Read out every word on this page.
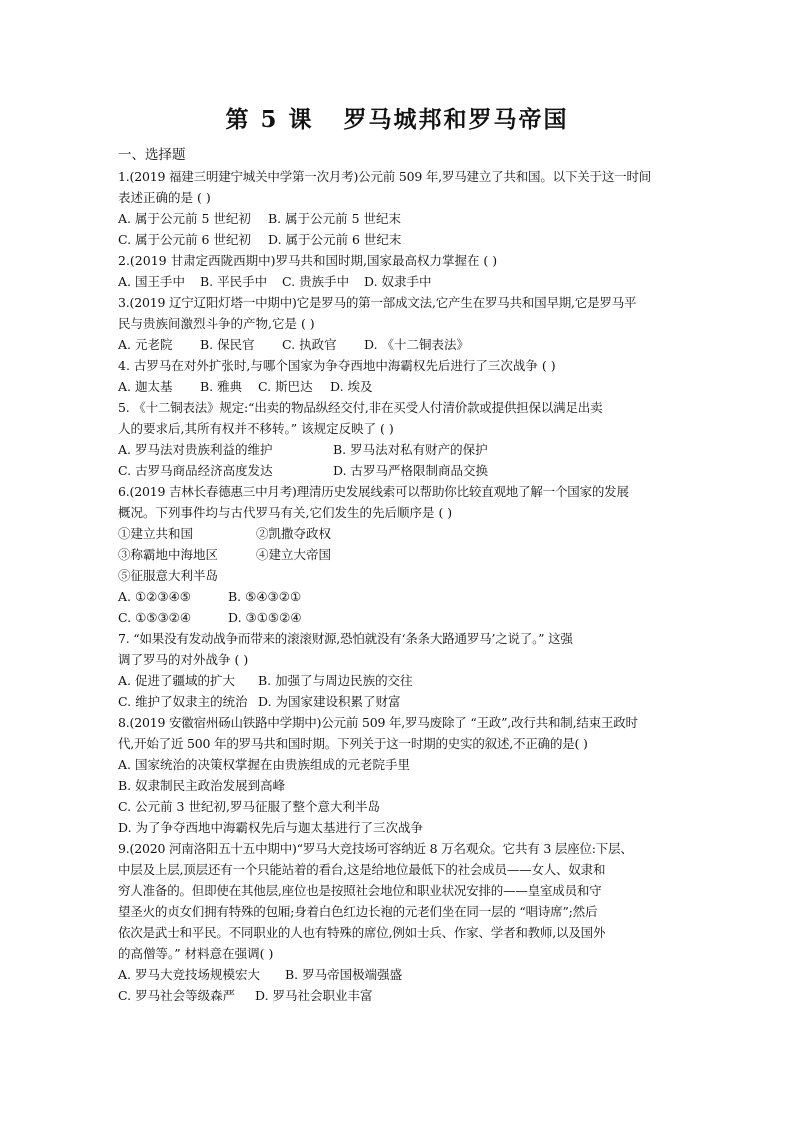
第 5 课   罗马城邦和罗马帝国
一、选择题
1.(2019 福建三明建宁城关中学第一次月考)公元前 509 年,罗马建立了共和国。以下关于这一时间
表述正确的是 ( )
A. 属于公元前 5 世纪初 B. 属于公元前 5 世纪末
C. 属于公元前 6 世纪初 D. 属于公元前 6 世纪末
2.(2019 甘肃定西陇西期中)罗马共和国时期,国家最高权力掌握在 ( )
A. 国王手中 B. 平民手中 C. 贵族手中 D. 奴隶手中
3.(2019 辽宁辽阳灯塔一中期中)它是罗马的第一部成文法,它产生在罗马共和国早期,它是罗马平
民与贵族间激烈斗争的产物,它是 ( )
A. 元老院 B. 保民官 C. 执政官 D. 《十二铜表法》
4. 古罗马在对外扩张时,与哪个国家为争夺西地中海霸权先后进行了三次战争 ( )
A. 迦太基 B. 雅典 C. 斯巴达 D. 埃及
5. 《十二铜表法》规定:“出卖的物品纵经交付,非在买受人付清价款或提供担保以满足出卖
人的要求后,其所有权并不移转。” 该规定反映了 ( )
A. 罗马法对贵族利益的维护	B. 罗马法对私有财产的保护
C. 古罗马商品经济高度发达	D. 古罗马严格限制商品交换
6.(2019 吉林长春德惠三中月考)理清历史发展线索可以帮助你比较直观地了解一个国家的发展
概况。下列事件均与古代罗马有关,它们发生的先后顺序是 ( )
①建立共和国	②凯撒夺政权
③称霸地中海地区	④建立大帝国
⑤征服意大利半岛
A. ①②③④⑤	B. ⑤④③②①
C. ①⑤③②④	D. ③①⑤②④
7. “如果没有发动战争而带来的滚滚财源,恐怕就没有‘条条大路通罗马’之说了。” 这强
调了罗马的对外战争 ( )
A. 促进了疆域的扩大 B. 加强了与周边民族的交往
C. 维护了奴隶主的统治 D. 为国家建设积累了财富
8.(2019 安徽宿州砀山铁路中学期中)公元前 509 年,罗马废除了 “王政”,改行共和制,结束王政时
代,开始了近 500 年的罗马共和国时期。下列关于这一时期的史实的叙述,不正确的是( )
A. 国家统治的决策权掌握在由贵族组成的元老院手里
B. 奴隶制民主政治发展到高峰
C. 公元前 3 世纪初,罗马征服了整个意大利半岛
D. 为了争夺西地中海霸权先后与迦太基进行了三次战争
9.(2020 河南洛阳五十五中期中)“罗马大竞技场可容纳近 8 万名观众。它共有 3 层座位:下层、
中层及上层,顶层还有一个只能站着的看台,这是给地位最低下的社会成员——女人、奴隶和
穷人准备的。但即使在其他层,座位也是按照社会地位和职业状况安排的——皇室成员和守
望圣火的贞女们拥有特殊的包厢;身着白色红边长袍的元老们坐在同一层的 “唱诗席”;然后
依次是武士和平民。不同职业的人也有特殊的席位,例如士兵、作家、学者和教师,以及国外
的高僧等。” 材料意在强调( )
A. 罗马大竞技场规模宏大 B. 罗马帝国极端强盛
C. 罗马社会等级森严 D. 罗马社会职业丰富
